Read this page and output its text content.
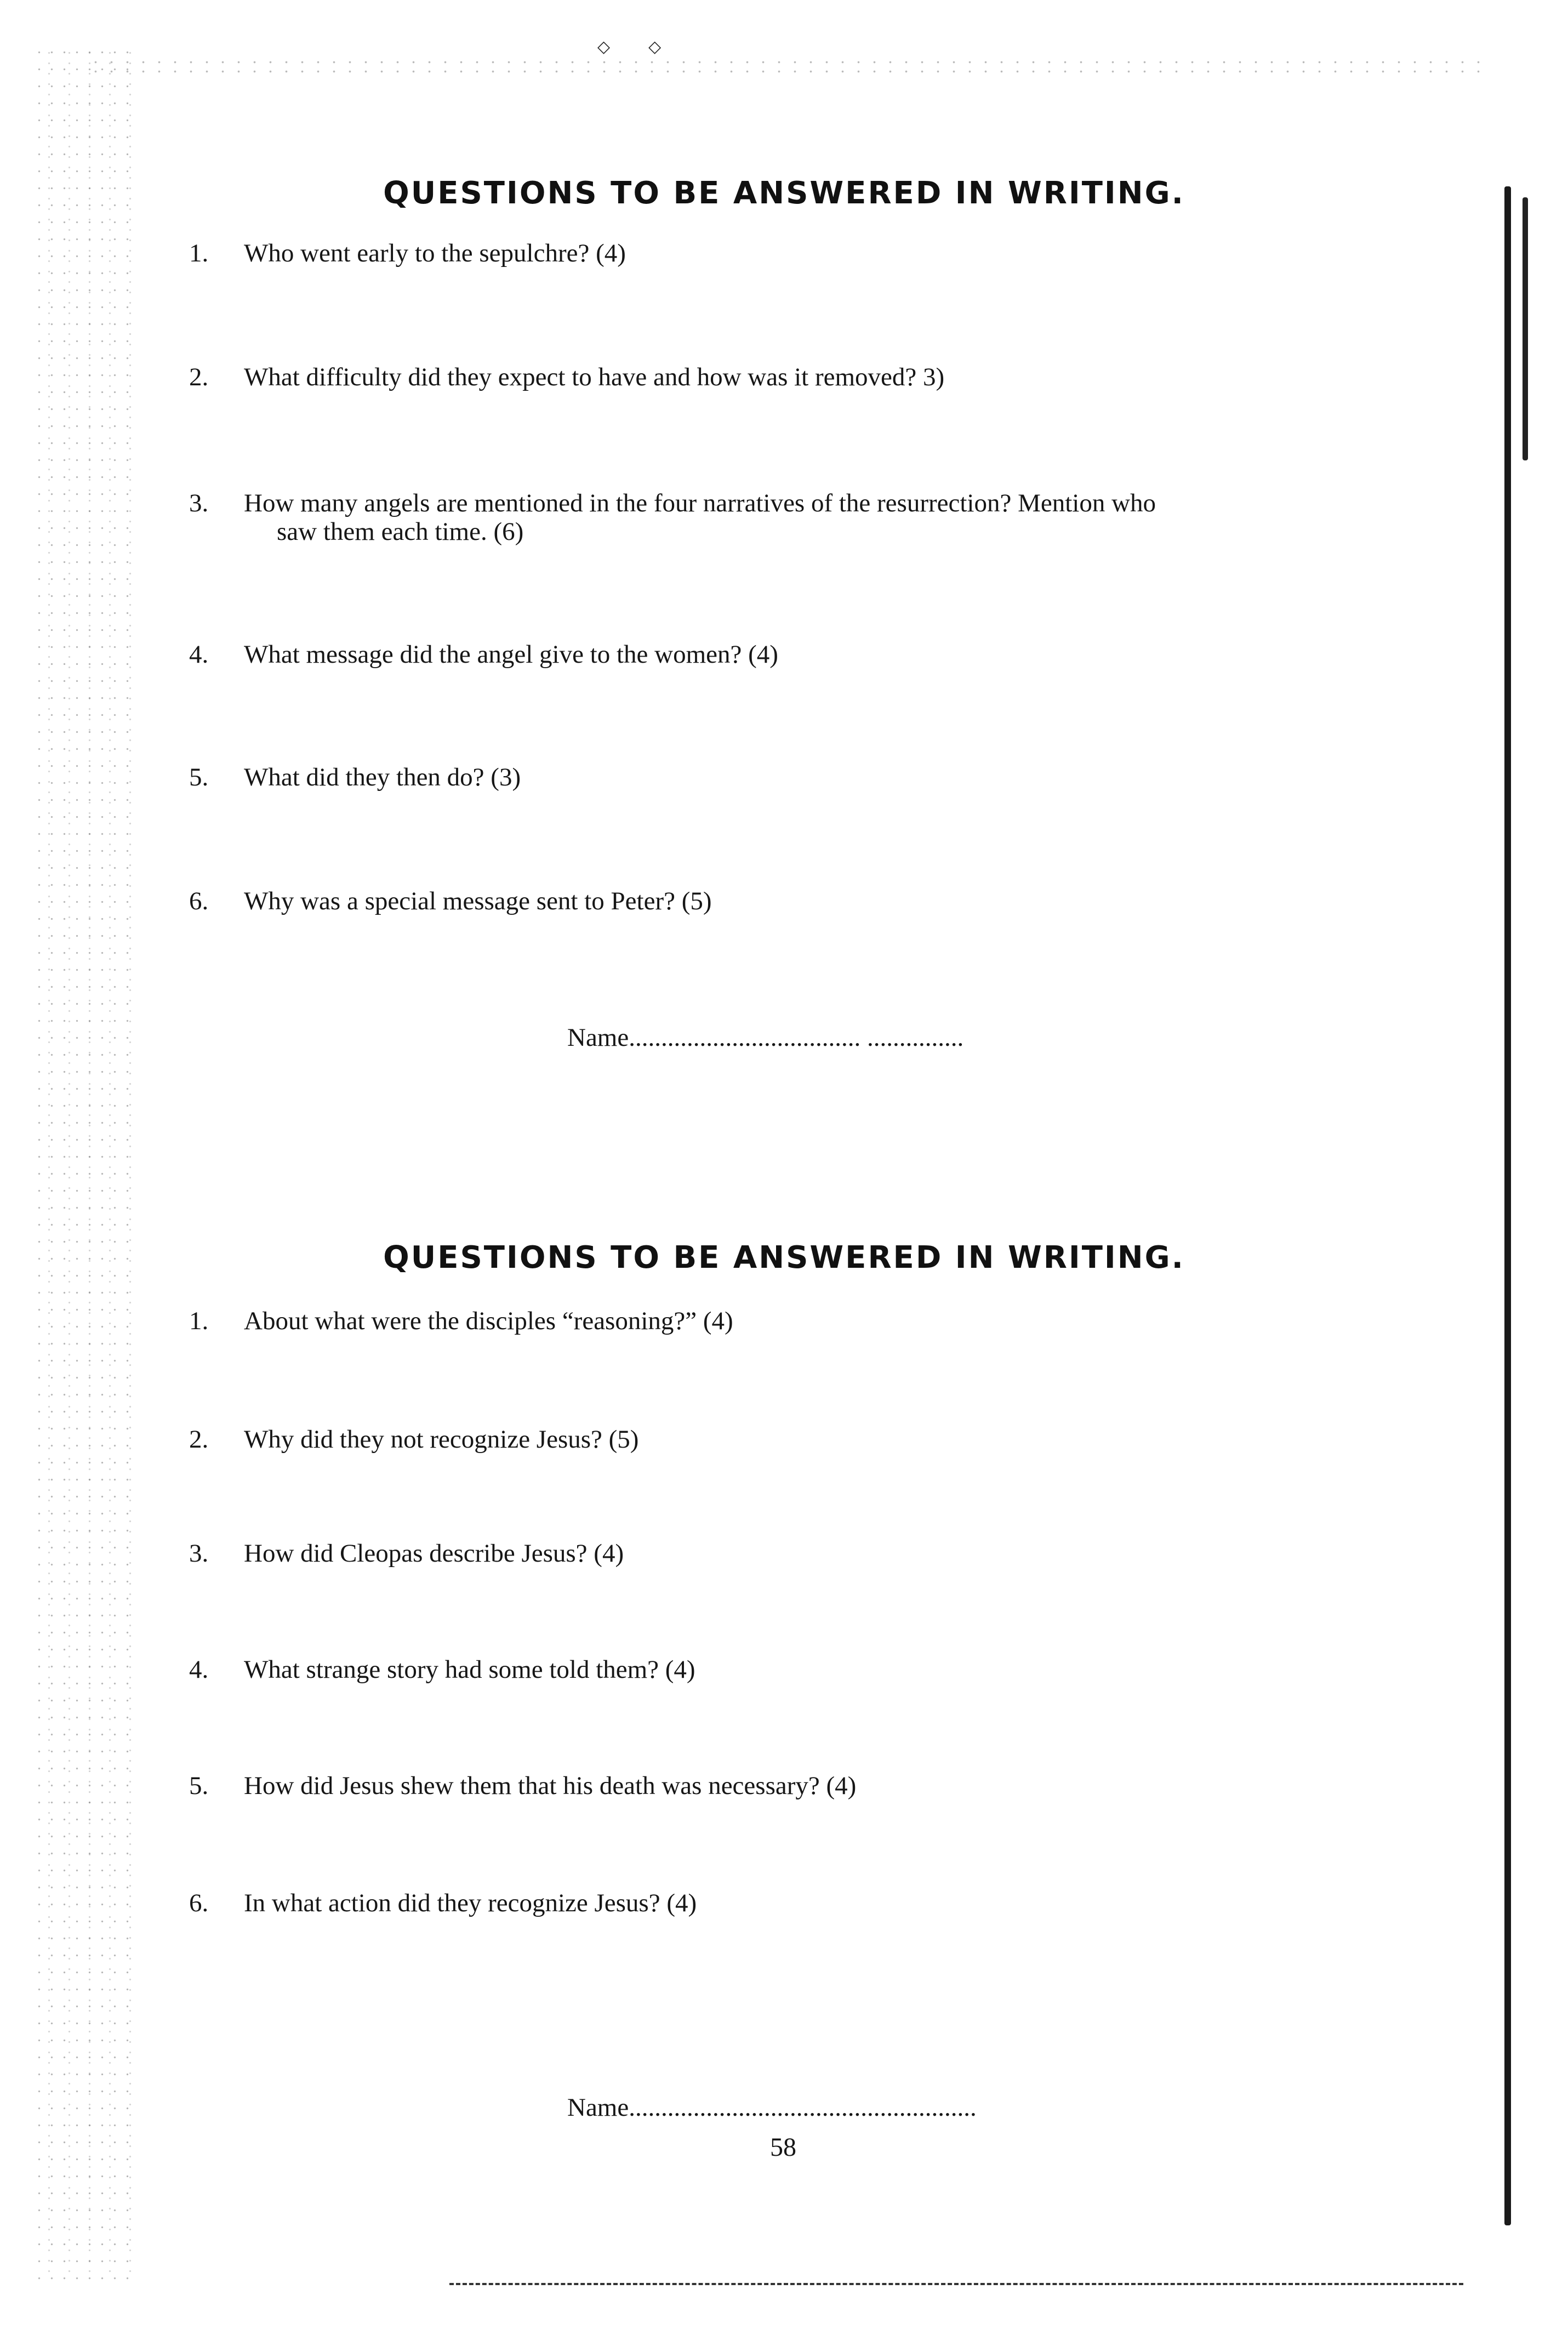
◇◇
QUESTIONS TO BE ANSWERED IN WRITING.
1.	Who went early to the sepulchre? (4)
2.	What difficulty did they expect to have and how was it removed? 3)
3.	How many angels are mentioned in the four narratives of the resurrection? Mention who
saw them each time. (6)
4.	What message did the angel give to the women? (4)
5.	What did they then do? (3)
6.	Why was a special message sent to Peter? (5)
Name.................................... ...............
QUESTIONS TO BE ANSWERED IN WRITING.
1.	About what were the disciples “reasoning?” (4)
2.	Why did they not recognize Jesus? (5)
3.	How did Cleopas describe Jesus? (4)
4.	What strange story had some told them? (4)
5.	How did Jesus shew them that his death was necessary? (4)
6.	In what action did they recognize Jesus? (4)
Name......................................................
58
